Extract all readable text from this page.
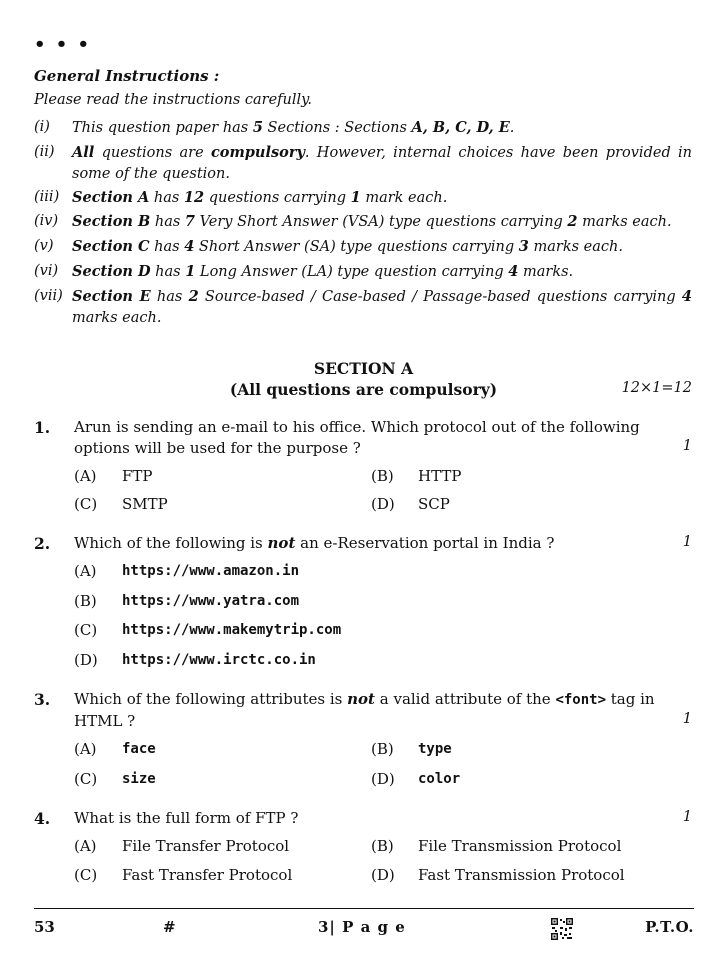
• • •
General Instructions :
Please read the instructions carefully.
(i) This question paper has 5 Sections : Sections A, B, C, D, E.
(ii) All questions are compulsory. However, internal choices have been provided in some of the question.
(iii) Section A has 12 questions carrying 1 mark each.
(iv) Section B has 7 Very Short Answer (VSA) type questions carrying 2 marks each.
(v) Section C has 4 Short Answer (SA) type questions carrying 3 marks each.
(vi) Section D has 1 Long Answer (LA) type question carrying 4 marks.
(vii) Section E has 2 Source-based / Case-based / Passage-based questions carrying 4 marks each.
SECTION A
(All questions are compulsory)	12×1=12
1. Arun is sending an e-mail to his office. Which protocol out of the following options will be used for the purpose ?	1
(A) FTP	(B) HTTP
(C) SMTP	(D) SCP
2. Which of the following is not an e-Reservation portal in India ?	1
(A) https://www.amazon.in
(B) https://www.yatra.com
(C) https://www.makemytrip.com
(D) https://www.irctc.co.in
3. Which of the following attributes is not a valid attribute of the <font> tag in HTML ?	1
(A) face	(B) type
(C) size	(D) color
4. What is the full form of FTP ?	1
(A) File Transfer Protocol	(B) File Transmission Protocol
(C) Fast Transfer Protocol	(D) Fast Transmission Protocol
53	#	3| P a g e	P.T.O.
